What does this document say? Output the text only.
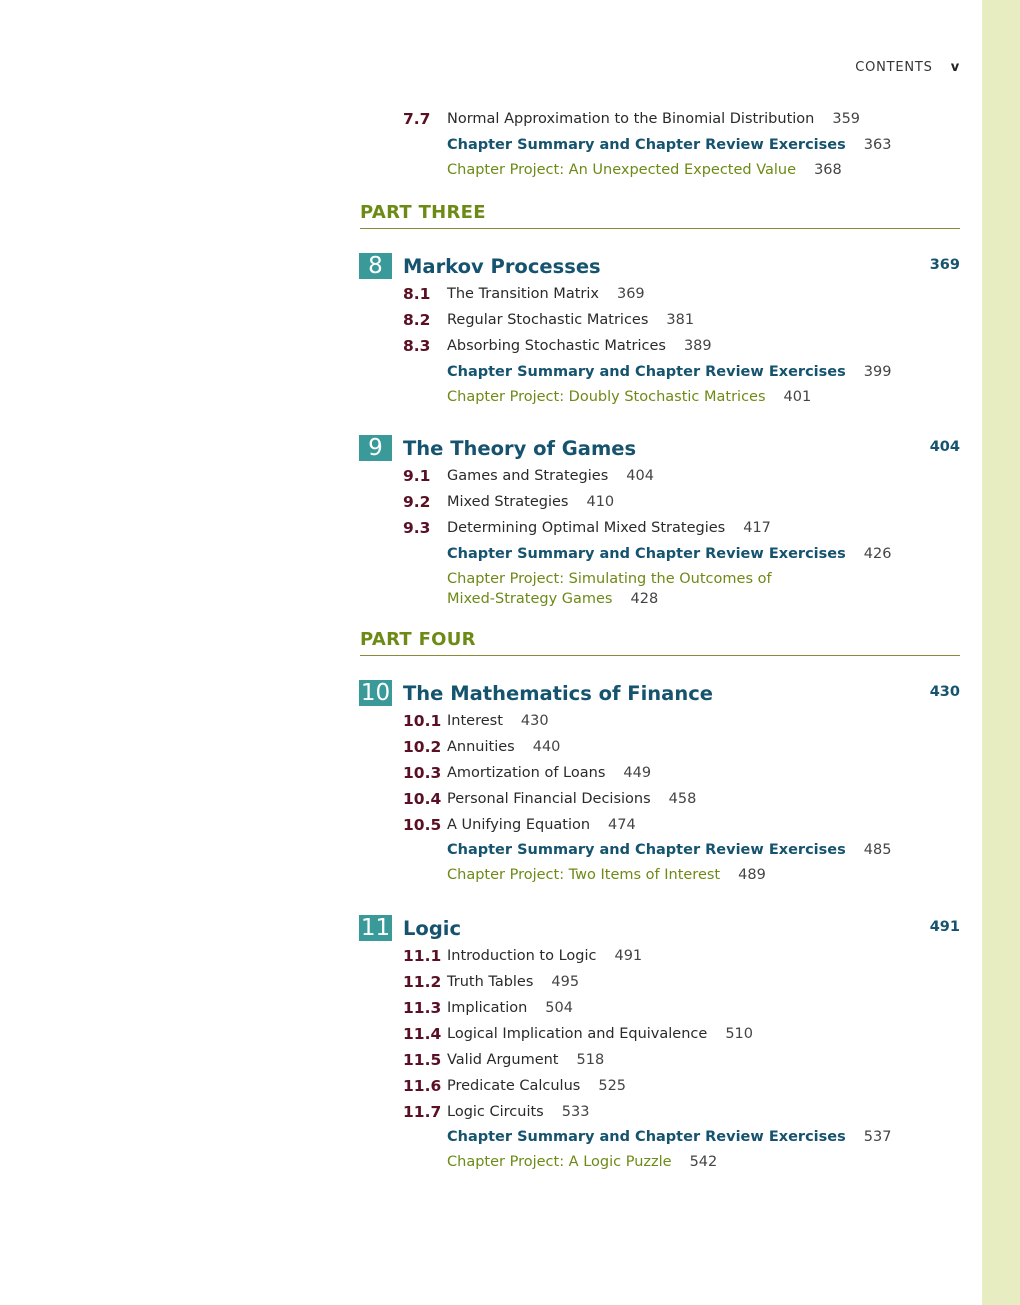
CONTENTS v
7.7 Normal Approximation to the Binomial Distribution 359
Chapter Summary and Chapter Review Exercises 363
Chapter Project: An Unexpected Expected Value 368
PART THREE
8	Markov Processes	369
8.1 The Transition Matrix 369
8.2 Regular Stochastic Matrices 381
8.3 Absorbing Stochastic Matrices 389
Chapter Summary and Chapter Review Exercises 399
Chapter Project: Doubly Stochastic Matrices 401
9	The Theory of Games	404
9.1 Games and Strategies 404
9.2 Mixed Strategies 410
9.3 Determining Optimal Mixed Strategies 417
Chapter Summary and Chapter Review Exercises 426
Chapter Project: Simulating the Outcomes of
Mixed-Strategy Games 428
PART FOUR
10 The Mathematics of Finance	430
10.1 Interest 430
10.2 Annuities 440
10.3 Amortization of Loans 449
10.4 Personal Financial Decisions 458
10.5 A Unifying Equation 474
Chapter Summary and Chapter Review Exercises 485
Chapter Project: Two Items of Interest 489
11 Logic	491
11.1 Introduction to Logic 491
11.2 Truth Tables 495
11.3 Implication 504
11.4 Logical Implication and Equivalence 510
11.5 Valid Argument 518
11.6 Predicate Calculus 525
11.7 Logic Circuits 533
Chapter Summary and Chapter Review Exercises 537
Chapter Project: A Logic Puzzle 542
